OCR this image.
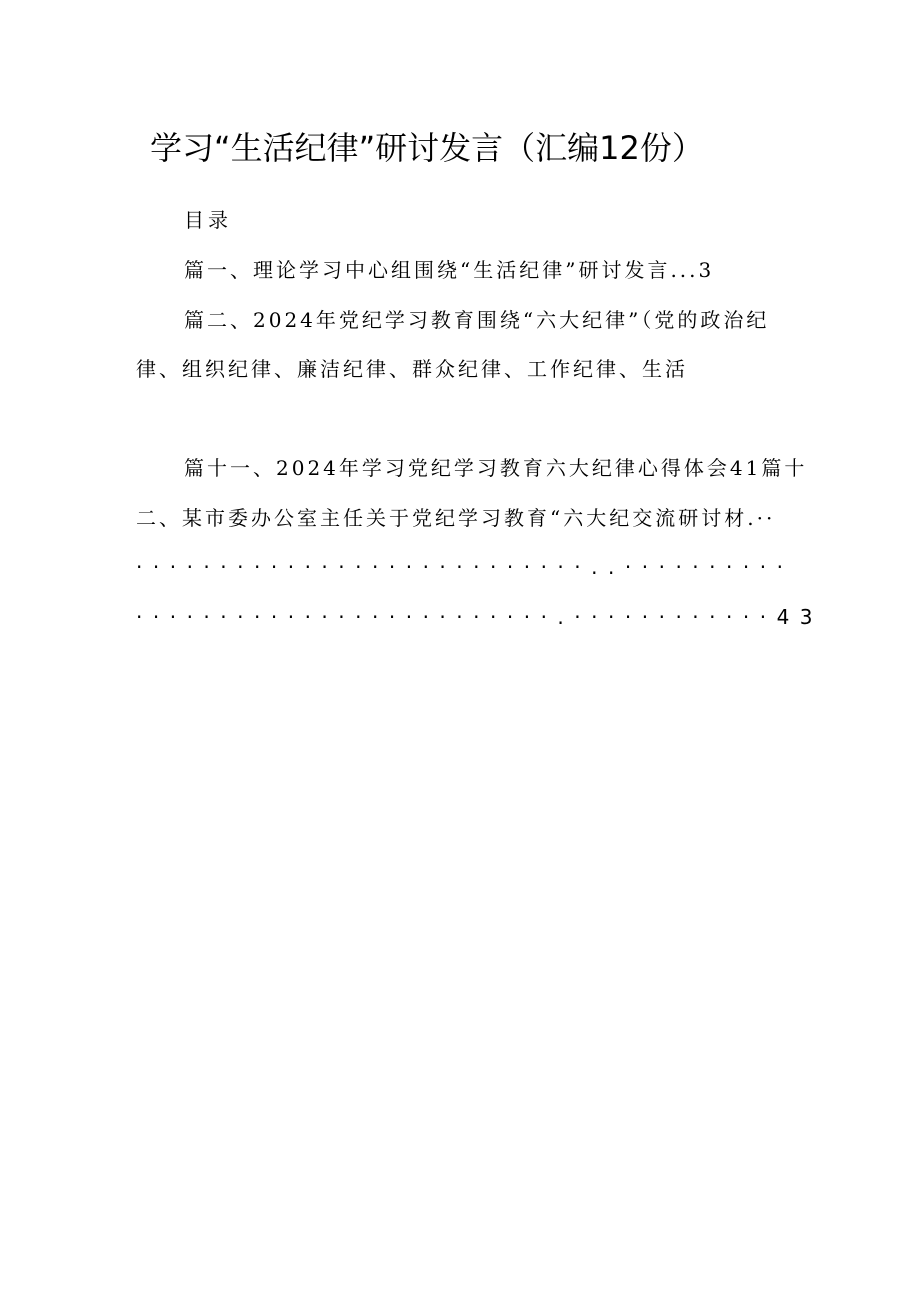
学习“生活纪律”研讨发言（汇编12份）
目录
篇一、理论学习中心组围绕“生活纪律”研讨发言...3
篇二、2024年党纪学习教育围绕“六大纪律”（党的政治纪
律、组织纪律、廉洁纪律、群众纪律、工作纪律、生活
篇十一、2024年学习党纪学习教育六大纪律心得体会41篇十
二、某市委办公室主任关于党纪学习教育“六大纪交流研讨材.··
···························..··········
·························.············43
